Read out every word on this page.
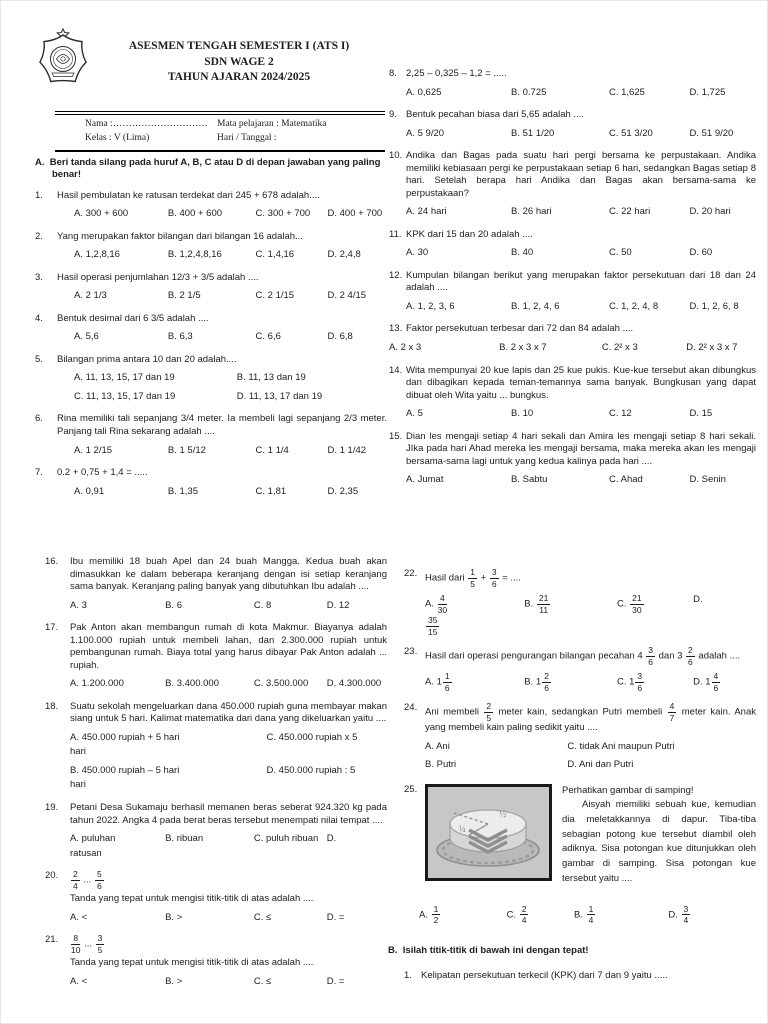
ASESMEN TENGAH SEMESTER I (ATS I)
SDN WAGE 2
TAHUN AJARAN 2024/2025
Nama :………………………… Mata pelajaran : Matematika
Kelas : V (Lima)	Hari / Tanggal :
A. Beri tanda silang pada huruf A, B, C atau D di depan jawaban yang paling benar!
1.	Hasil pembulatan ke ratusan terdekat dari 245 + 678 adalah....
A. 300 + 600	B. 400 + 600	C. 300 + 700	D. 400 + 700
2.	Yang merupakan faktor bilangan dari bilangan 16 adalah...
A. 1,2,8,16	B. 1,2,4,8,16	C. 1,4,16	D. 2,4,8
3.	Hasil operasi penjumlahan 12/3 + 3/5 adalah ....
A. 2 1/3	B. 2 1/5	C. 2 1/15	D. 2 4/15
4.	Bentuk desimal dari 6 3/5 adalah ....
A. 5,6	B. 6,3	C. 6,6	D. 6,8
5.	Bilangan prima antara 10 dan 20 adalah....
A. 11, 13, 15, 17 dan 19	B. 11, 13 dan 19
C. 11, 13, 15, 17 dan 19	D. 11, 13, 17 dan 19
6.	Rina memiliki tali sepanjang 3/4 meter. Ia membeli lagi sepanjang 2/3 meter. Panjang tali Rina sekarang adalah ....
A. 1 2/15	B. 1 5/12	C. 1 1/4	D. 1 1/42
7.	0.2 + 0,75 + 1,4 = .....
A. 0,91	B. 1,35	C. 1,81	D. 2,35
8. 2,25 – 0,325 – 1,2 = .....
A. 0,625	B. 0.725	C. 1,625	D. 1,725
9. Bentuk pecahan biasa dari 5,65 adalah ....
A. 5 9/20	B. 51 1/20	C. 51 3/20	D. 51 9/20
10. Andika dan Bagas pada suatu hari pergi bersama ke perpustakaan. Andika memiliki kebiasaan pergi ke perpustakaan setiap 6 hari, sedangkan Bagas setiap 8 hari. Setelah berapa hari Andika dan Bagas akan bersama-sama ke perpustakaan?
A. 24 hari	B. 26 hari	C. 22 hari	D. 20 hari
11. KPK dari 15 dan 20 adalah ....
A. 30	B. 40	C. 50	D. 60
12. Kumpulan bilangan berikut yang merupakan faktor persekutuan dari 18 dan 24 adalah ....
A. 1, 2, 3, 6	B. 1, 2, 4, 6	C. 1, 2, 4, 8	D. 1, 2, 6, 8
13. Faktor persekutuan terbesar dari 72 dan 84 adalah ....
A. 2 x 3	B. 2 x 3 x 7	C. 2² x 3	D. 2² x 3 x 7
14. Wita mempunyai 20 kue lapis dan 25 kue pukis. Kue-kue tersebut akan dibungkus dan dibagikan kepada teman-temannya sama banyak. Bungkusan yang dapat dibuat oleh Wita yaitu ... bungkus.
A. 5	B. 10	C. 12	D. 15
15. Dian les mengaji setiap 4 hari sekali dan Amira les mengaji setiap 8 hari sekali. JIka pada hari Ahad mereka les mengaji bersama, maka mereka akan les mengaji bersama-sama lagi untuk yang kedua kalinya pada hari ....
A. Jumat	B. Sabtu	C. Ahad	D. Senin
16.	Ibu memiliki 18 buah Apel dan 24 buah Mangga. Kedua buah akan dimasukkan ke dalam beberapa keranjang dengan isi setiap keranjang sama banyak. Keranjang paling banyak yang dibutuhkan Ibu adalah ....
A. 3	B. 6	C. 8	D. 12
17.	Pak Anton akan membangun rumah di kota Makmur. Biayanya adalah 1.100.000 rupiah untuk membeli lahan, dan 2.300.000 rupiah untuk pembangunan rumah. Biaya total yang harus dibayar Pak Anton adalah ... rupiah.
A. 1.200.000	B. 3.400.000	C. 3.500.000	D. 4.300.000
18.	Suatu sekolah mengeluarkan dana 450.000 rupiah guna membayar makan siang untuk 5 hari. Kalimat matematika dari dana yang dikeluarkan yaitu ....
A. 450.000 rupiah + 5 hari	C. 450.000 rupiah x 5
hari
B. 450.000 rupiah – 5 hari	D. 450.000 rupiah : 5
hari
19.	Petani Desa Sukamaju berhasil memanen beras seberat 924.320 kg pada tahun 2022. Angka 4 pada berat beras tersebut menempati nilai tempat ....
A. puluhan	B. ribuan	C. puluh ribuan D.
ratusan
20.	$\frac{2}{4}$ ... $\frac{5}{6}$
Tanda yang tepat untuk mengisi titik-titik di atas adalah ....
A. <	B. >	C. ≤	D. =
21.	$\frac{8}{10}$ ... $\frac{3}{5}$
Tanda yang tepat untuk mengisi titik-titik di atas adalah ....
A. <	B. >	C. ≤	D. =
22. Hasil dari $\frac{1}{5} + \frac{3}{6}$ = ....
A. $\frac{4}{30}$	B. $\frac{21}{11}$	C. $\frac{21}{30}$	D.
$\frac{35}{15}$
23. Hasil dari operasi pengurangan bilangan pecahan $4 \frac{3}{6}$ dan $3 \frac{2}{6}$ adalah ....
A. $1 \frac{1}{6}$	B. $1 \frac{2}{6}$	C. $1 \frac{3}{6}$	D. $1 \frac{4}{6}$
24. Ani membeli $\frac{2}{5}$ meter kain, sedangkan Putri membeli $\frac{4}{7}$ meter kain. Anak yang membeli kain paling sedikit yaitu ....
A. Ani	C. tidak Ani maupun Putri
B. Putri	D. Ani dan Putri
25.
¼
½
Perhatikan gambar di samping!
Aisyah memiliki sebuah kue, kemudian dia meletakkannya di dapur. Tiba-tiba sebagian potong kue tersebut diambil oleh adiknya. Sisa potongan kue ditunjukkan oleh gambar di samping. Sisa potongan kue tersebut yaitu ....
A. $\frac{1}{2}$	C. $\frac{2}{4}$	B. $\frac{1}{4}$	D. $\frac{3}{4}$
B. Isilah titik-titik di bawah ini dengan tepat!
1. Kelipatan persekutuan terkecil (KPK) dari 7 dan 9 yaitu .....
